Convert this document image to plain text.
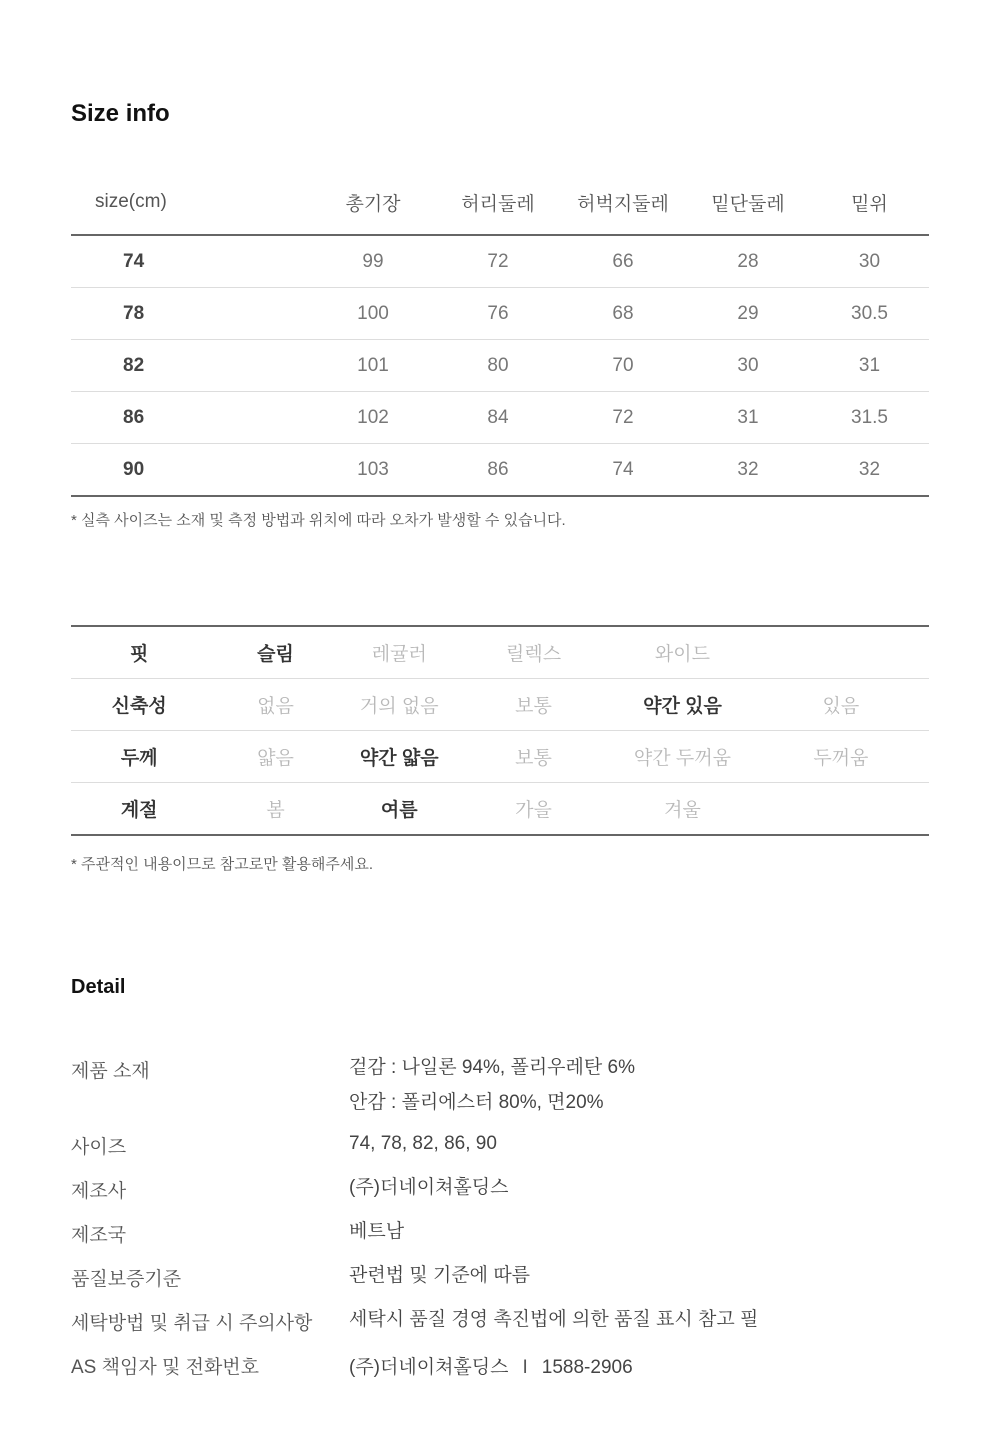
Size info
size(cm)	총기장	허리둘레	허벅지둘레	밑단둘레	밑위
74	99	72	66	28	30
78	100	76	68	29	30.5
82	101	80	70	30	31
86	102	84	72	31	31.5
90	103	86	74	32	32
* 실측 사이즈는 소재 및 측정 방법과 위치에 따라 오차가 발생할 수 있습니다.
핏	슬림	레귤러	릴렉스	와이드	
신축성	없음	거의 없음	보통	약간 있음	있음
두께	얇음	약간 얇음	보통	약간 두꺼움	두꺼움
계절	봄	여름	가을	겨울	
* 주관적인 내용이므로 참고로만 활용해주세요.
Detail
제품 소재	겉감 : 나일론 94%, 폴리우레탄 6%
안감 : 폴리에스터 80%, 면20%
사이즈	74, 78, 82, 86, 90
제조사	(주)더네이쳐홀딩스
제조국	베트남
품질보증기준	관련법 및 기준에 따름
세탁방법 및 취급 시 주의사항	세탁시 품질 경영 촉진법에 의한 품질 표시 참고 필
AS 책임자 및 전화번호	(주)더네이쳐홀딩스 I 1588-2906
